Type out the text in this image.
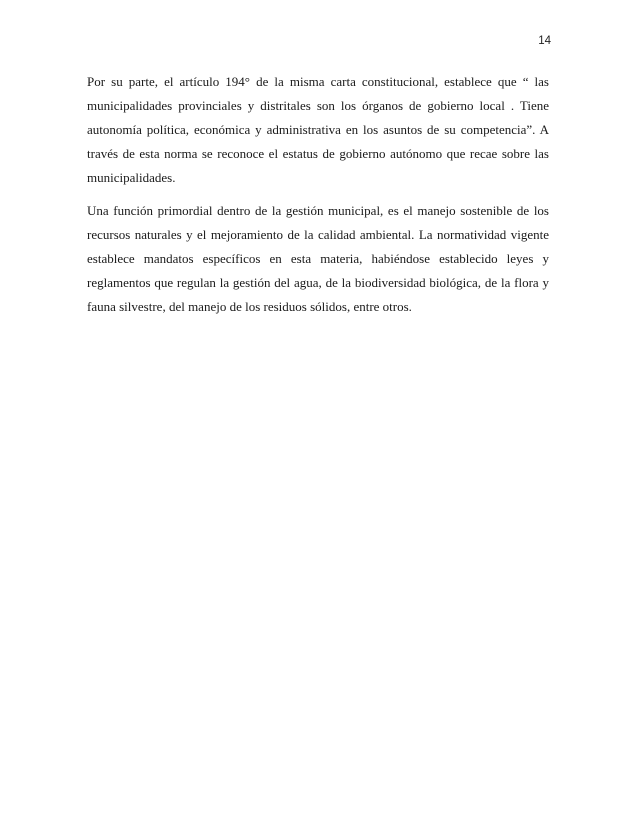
14

Por su parte, el artículo 194° de la misma carta constitucional, establece que “ las municipalidades provinciales y distritales son los órganos de gobierno local . Tiene autonomía política, económica y administrativa en los asuntos de su competencia”. A través de esta norma se reconoce el estatus de gobierno autónomo que recae sobre las municipalidades.

Una función primordial dentro de la gestión municipal, es el manejo sostenible de los recursos naturales y el mejoramiento de la calidad ambiental. La normatividad vigente establece mandatos específicos en esta materia, habiéndose establecido leyes y reglamentos que regulan la gestión del agua, de la biodiversidad biológica, de la flora y fauna silvestre, del manejo de los residuos sólidos, entre otros.
